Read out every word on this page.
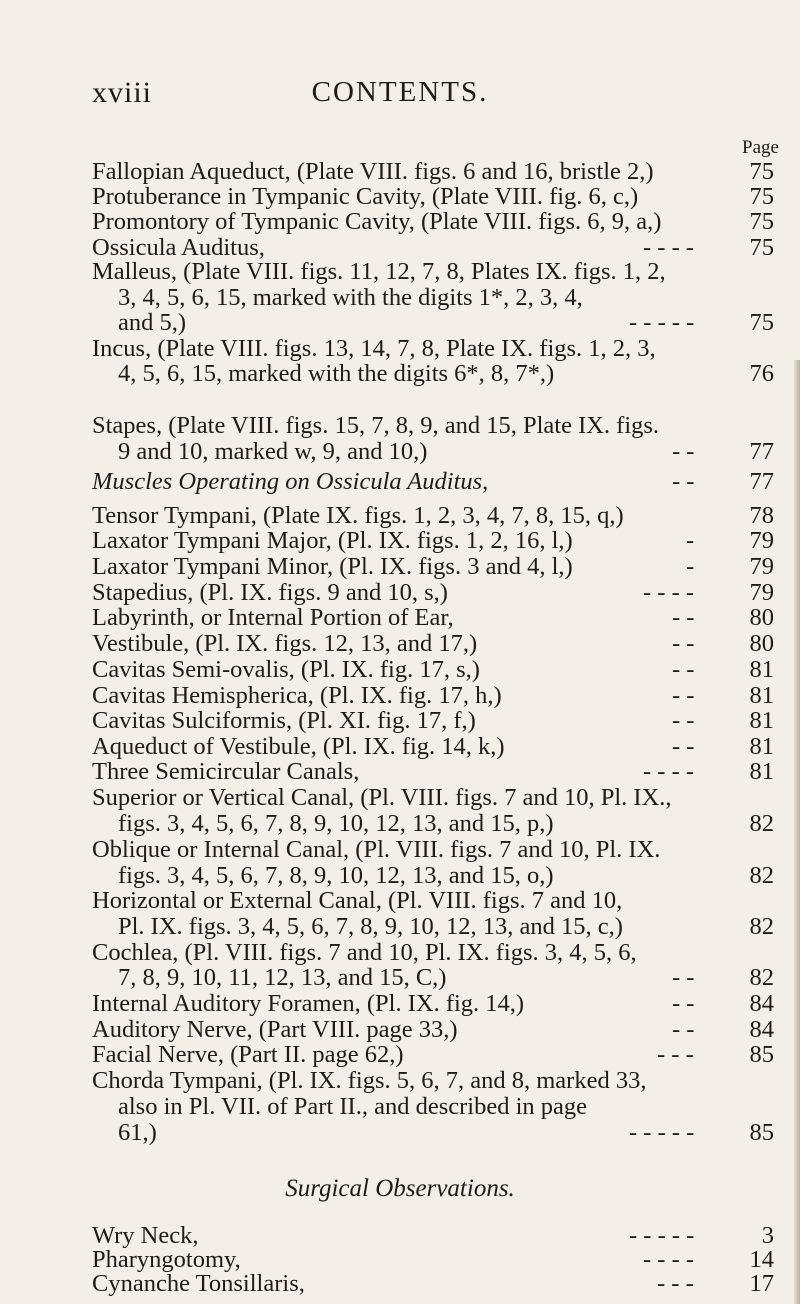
xviii	CONTENTS.
Page
Fallopian Aqueduct, (Plate VIII. figs. 6 and 16, bristle 2,)	75
Protuberance in Tympanic Cavity, (Plate VIII. fig. 6, c,)	75
Promontory of Tympanic Cavity, (Plate VIII. figs. 6, 9, a,)	75
Ossicula Auditus,	- - - -	75
Malleus, (Plate VIII. figs. 11, 12, 7, 8, Plates IX. figs. 1, 2,
3, 4, 5, 6, 15, marked with the digits 1*, 2, 3, 4,
and 5,)	- - - - -	75
Incus, (Plate VIII. figs. 13, 14, 7, 8, Plate IX. figs. 1, 2, 3,
4, 5, 6, 15, marked with the digits 6*, 8, 7*,)	76
Stapes, (Plate VIII. figs. 15, 7, 8, 9, and 15, Plate IX. figs.
9 and 10, marked w, 9, and 10,)	- -	77
Muscles Operating on Ossicula Auditus,	- -	77
Tensor Tympani, (Plate IX. figs. 1, 2, 3, 4, 7, 8, 15, q,)	78
Laxator Tympani Major, (Pl. IX. figs. 1, 2, 16, l,)	-	79
Laxator Tympani Minor, (Pl. IX. figs. 3 and 4, l,)	-	79
Stapedius, (Pl. IX. figs. 9 and 10, s,)	- - - -	79
Labyrinth, or Internal Portion of Ear,	- -	80
Vestibule, (Pl. IX. figs. 12, 13, and 17,)	- -	80
Cavitas Semi-ovalis, (Pl. IX. fig. 17, s,)	- -	81
Cavitas Hemispherica, (Pl. IX. fig. 17, h,)	- -	81
Cavitas Sulciformis, (Pl. XI. fig. 17, f,)	- -	81
Aqueduct of Vestibule, (Pl. IX. fig. 14, k,)	- -	81
Three Semicircular Canals,	- - - -	81
Superior or Vertical Canal, (Pl. VIII. figs. 7 and 10, Pl. IX.,
figs. 3, 4, 5, 6, 7, 8, 9, 10, 12, 13, and 15, p,)	82
Oblique or Internal Canal, (Pl. VIII. figs. 7 and 10, Pl. IX.
figs. 3, 4, 5, 6, 7, 8, 9, 10, 12, 13, and 15, o,)	82
Horizontal or External Canal, (Pl. VIII. figs. 7 and 10,
Pl. IX. figs. 3, 4, 5, 6, 7, 8, 9, 10, 12, 13, and 15, c,)	82
Cochlea, (Pl. VIII. figs. 7 and 10, Pl. IX. figs. 3, 4, 5, 6,
7, 8, 9, 10, 11, 12, 13, and 15, C,)	- -	82
Internal Auditory Foramen, (Pl. IX. fig. 14,)	- -	84
Auditory Nerve, (Part VIII. page 33,)	- -	84
Facial Nerve, (Part II. page 62,)	- - -	85
Chorda Tympani, (Pl. IX. figs. 5, 6, 7, and 8, marked 33,
also in Pl. VII. of Part II., and described in page
61,)	- - - - -	85
Surgical Observations.
Wry Neck,	- - - - -	3
Pharyngotomy,	- - - -	14
Cynanche Tonsillaris,	- - -	17
